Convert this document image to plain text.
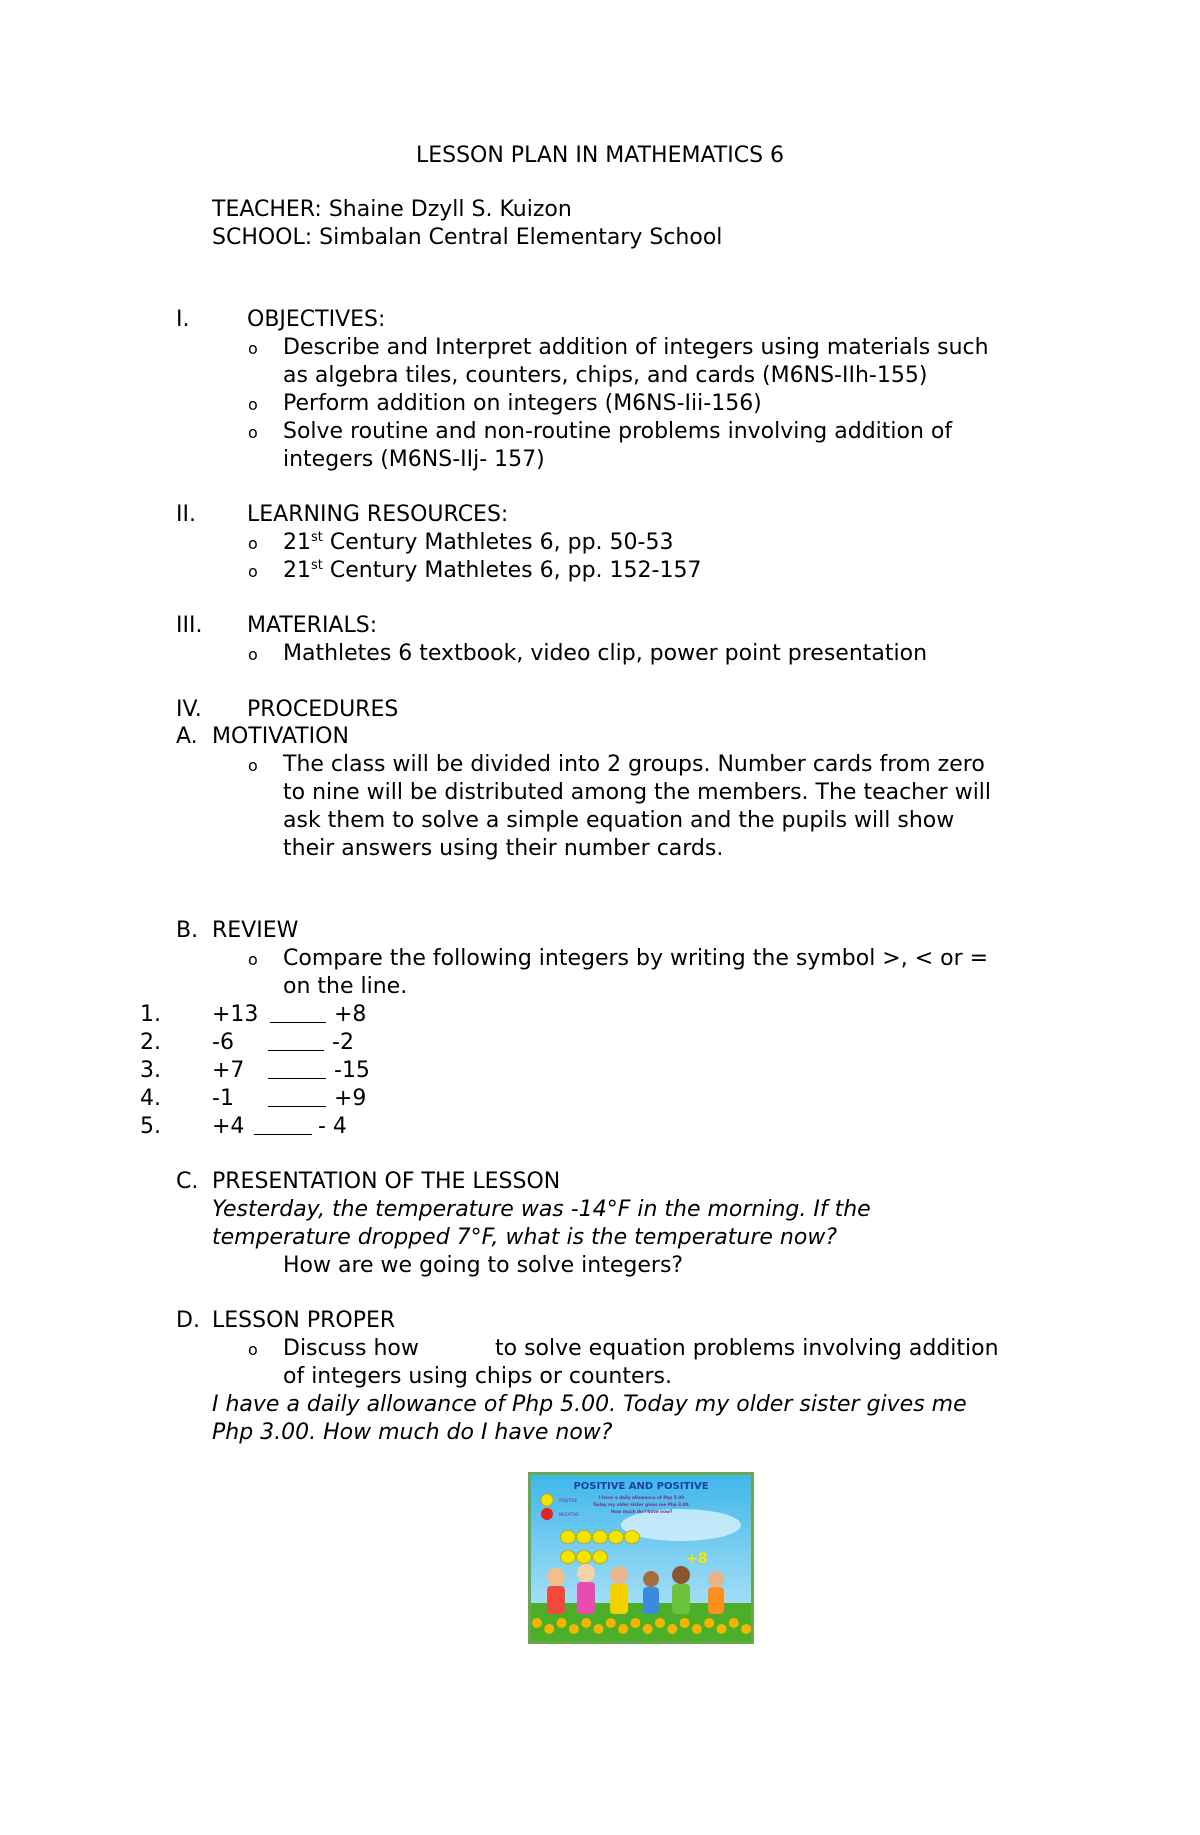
LESSON PLAN IN MATHEMATICS 6
TEACHER: Shaine Dzyll S. Kuizon
SCHOOL: Simbalan Central Elementary School
I.	OBJECTIVES:
o Describe and Interpret addition of integers using materials such
as algebra tiles, counters, chips, and cards (M6NS-IIh-155)
o Perform addition on integers (M6NS-Iii-156)
o Solve routine and non-routine problems involving addition of
integers (M6NS-IIj- 157)
II. LEARNING RESOURCES:
o 21st Century Mathletes 6, pp. 50-53
o 21st Century Mathletes 6, pp. 152-157
III. MATERIALS:
o Mathletes 6 textbook, video clip, power point presentation
IV. PROCEDURES
A. MOTIVATION
o The class will be divided into 2 groups. Number cards from zero
to nine will be distributed among the members. The teacher will
ask them to solve a simple equation and the pupils will show
their answers using their number cards.
B. REVIEW
o Compare the following integers by writing the symbol >, < or =
on the line.
1. +13	+8
2. -6	-2
3. +7	-15
4. -1	+9
5. +4	- 4
C. PRESENTATION OF THE LESSON
Yesterday, the temperature was -14°F in the morning. If the
temperature dropped 7°F, what is the temperature now?
How are we going to solve integers?
D. LESSON PROPER
o Discuss how	to solve equation problems involving addition
of integers using chips or counters.
I have a daily allowance of Php 5.00. Today my older sister gives me
Php 3.00. How much do I have now?
POSITIVE AND POSITIVE
POSITIVE
NEGATIVE
I have a daily allowance of Php 5.00.
Today my older sister gives me Php 3.00.
How much do I have now?
+8
